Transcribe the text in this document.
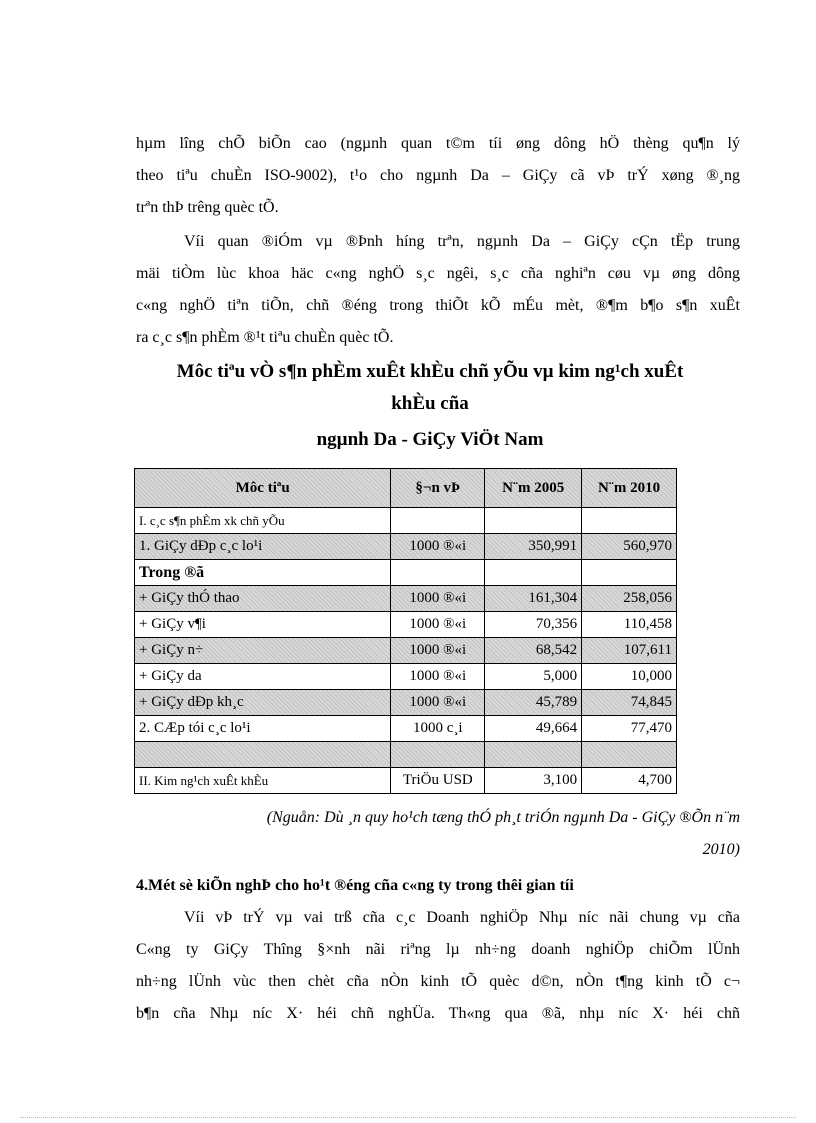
hµm lîng chÕ biÕn cao (ngµnh quan t©m tíi øng dông hÖ thèng qu¶n lý
theo tiªu chuÈn ISO-9002), t¹o cho ngµnh Da – GiÇy cã vÞ trÝ xøng ®¸ng
trªn thÞ trêng quèc tÕ.
Víi quan ®iÓm vµ ®Þnh híng trªn, ngµnh Da – GiÇy cÇn tËp trung
mäi tiÒm lùc khoa häc c«ng nghÖ s¸c ngêi, s¸c cña nghiªn cøu vµ øng dông
c«ng nghÖ tiªn tiÕn, chñ ®éng trong thiÕt kÕ mÉu mèt, ®¶m b¶o s¶n xuÊt
ra c¸c s¶n phÈm ®¹t tiªu chuÈn quèc tÕ.
Môc tiªu vÒ s¶n phÈm xuÊt khÈu chñ yÕu vµ kim ng¹ch xuÊt
khÈu cña
ngµnh Da - GiÇy ViÖt Nam
Môc tiªu	§¬n vÞ	N¨m 2005	N¨m 2010
I. c¸c s¶n phÈm xk chñ yÕu			
1. GiÇy dÐp c¸c lo¹i	1000 ®«i	350,991	560,970
Trong ®ã			
+ GiÇy thÓ thao	1000 ®«i	161,304	258,056
+ GiÇy v¶i	1000 ®«i	70,356	110,458
+ GiÇy n÷	1000 ®«i	68,542	107,611
+ GiÇy da	1000 ®«i	5,000	10,000
+ GiÇy dÐp kh¸c	1000 ®«i	45,789	74,845
2. CÆp tói c¸c lo¹i	1000 c¸i	49,664	77,470

II. Kim ng¹ch xuÊt khÈu	TriÖu USD	3,100	4,700
(Nguån: Dù ¸n quy ho¹ch tæng thÓ ph¸t triÓn ngµnh Da - GiÇy ®Õn n¨m
2010)
4.Mét sè kiÕn nghÞ cho ho¹t ®éng cña c«ng ty trong thêi gian tíi
Víi vÞ trÝ vµ vai trß cña c¸c Doanh nghiÖp Nhµ níc nãi chung vµ cña
C«ng ty GiÇy Thîng §×nh nãi riªng lµ nh÷ng doanh nghiÖp chiÕm lÜnh
nh÷ng lÜnh vùc then chèt cña nÒn kinh tÕ quèc d©n, nÒn t¶ng kinh tÕ c¬
b¶n cña Nhµ níc X· héi chñ nghÜa. Th«ng qua ®ã, nhµ níc X· héi chñ
